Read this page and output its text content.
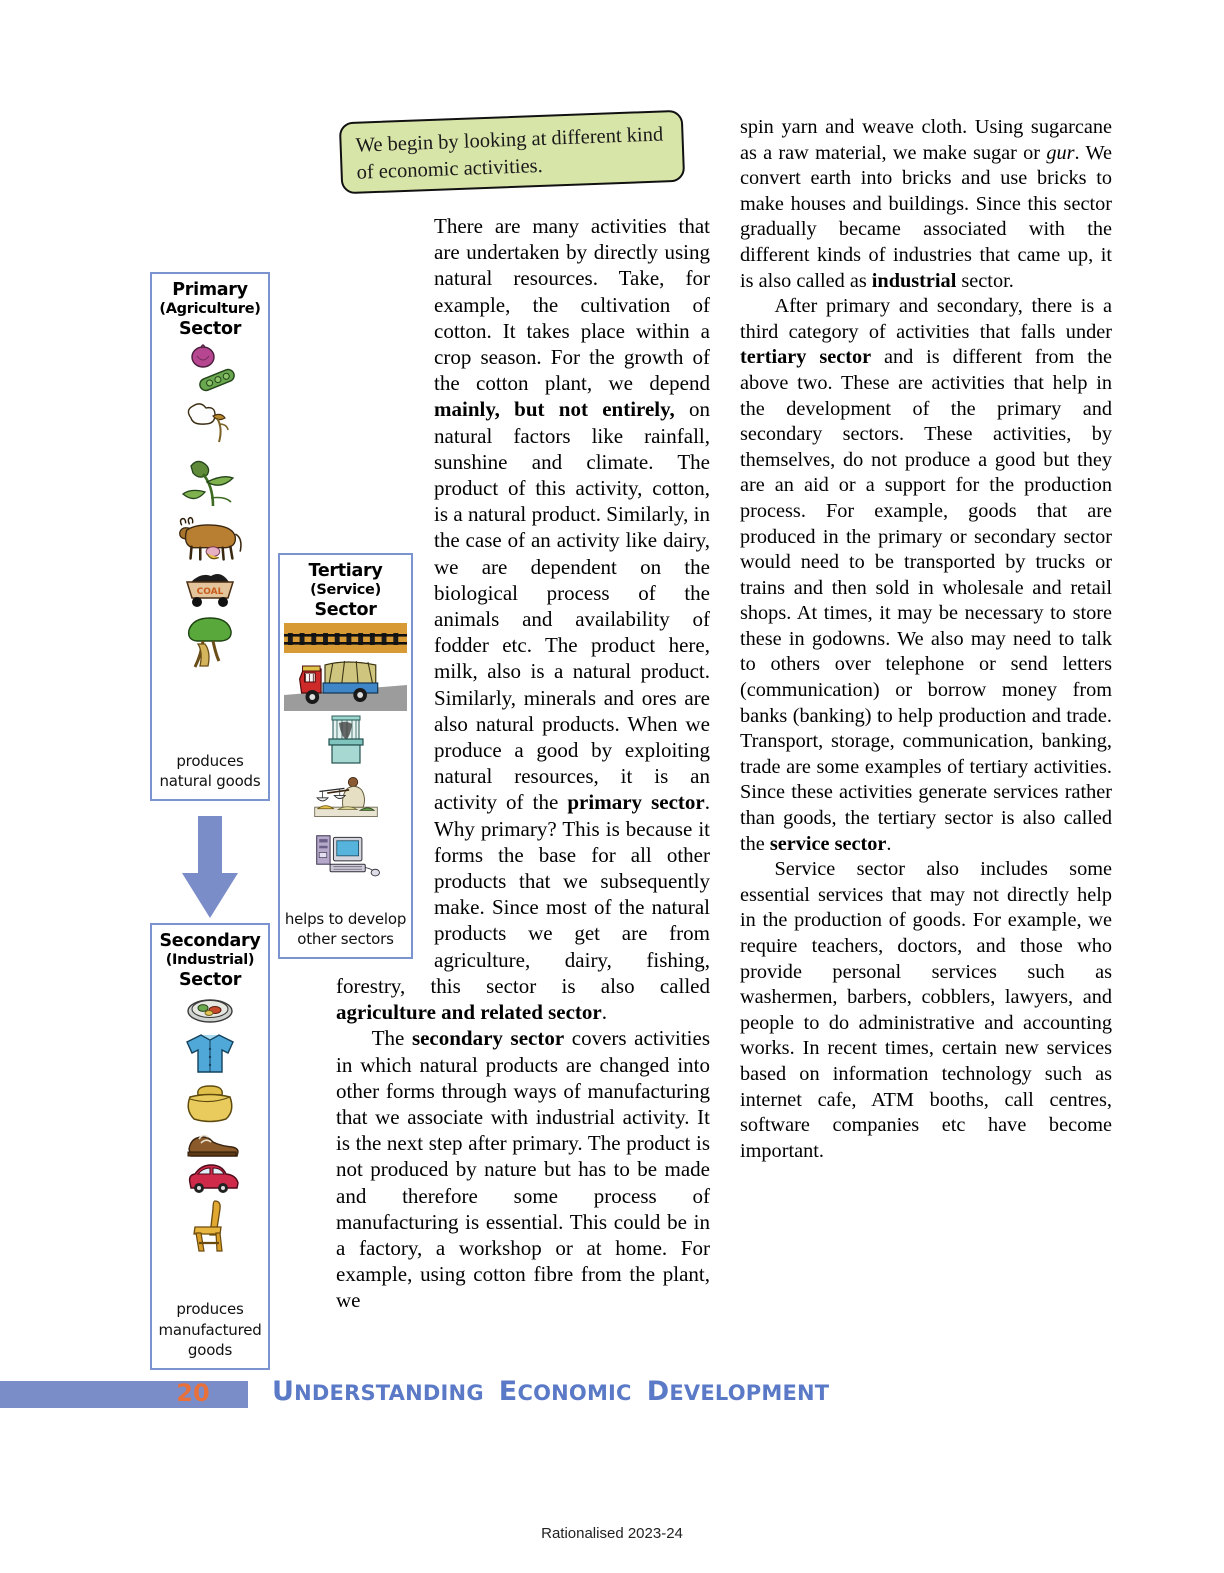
We begin by looking at different kind of economic activities.
Primary
(Agriculture)
Sector
COAL
produces natural goods
Secondary
(Industrial)
Sector
produces manufactured goods
Tertiary
(Service)
Sector
helps to develop other sectors

There are many activities that are undertaken by directly using natural resources. Take, for example, the cultivation of cotton. It takes place within a crop season. For the growth of the cotton plant, we depend mainly, but not entirely, on natural factors like rainfall, sunshine and climate. The product of this activity, cotton, is a natural product. Similarly, in the case of an activity like dairy, we are dependent on the biological process of the animals and availability of fodder etc. The product here, milk, also is a natural product. Similarly, minerals and ores are also natural products. When we produce a good by exploiting natural resources, it is an activity of the primary sector. Why primary? This is because it forms the base for all other products that we subsequently make. Since most of the natural products we get are from agriculture, dairy, fishing, forestry, this sector is also called agriculture and related sector.

The secondary sector covers activities in which natural products are changed into other forms through ways of manufacturing that we associate with industrial activity. It is the next step after primary. The product is not produced by nature but has to be made and therefore some process of manufacturing is essential. This could be in a factory, a workshop or at home. For example, using cotton fibre from the plant, we

spin yarn and weave cloth. Using sugarcane as a raw material, we make sugar or gur. We convert earth into bricks and use bricks to make houses and buildings. Since this sector gradually became associated with the different kinds of industries that came up, it is also called as industrial sector.

After primary and secondary, there is a third category of activities that falls under tertiary sector and is different from the above two. These are activities that help in the development of the primary and secondary sectors. These activities, by themselves, do not produce a good but they are an aid or a support for the production process. For example, goods that are produced in the primary or secondary sector would need to be transported by trucks or trains and then sold in wholesale and retail shops. At times, it may be necessary to store these in godowns. We also may need to talk to others over telephone or send letters (communication) or borrow money from banks (banking) to help production and trade. Transport, storage, communication, banking, trade are some examples of tertiary activities. Since these activities generate services rather than goods, the tertiary sector is also called the service sector.

Service sector also includes some essential services that may not directly help in the production of goods. For example, we require teachers, doctors, and those who provide personal services such as washermen, barbers, cobblers, lawyers, and people to do administrative and accounting works. In recent times, certain new services based on information technology such as internet cafe, ATM booths, call centres, software companies etc have become important.

20	UNDERSTANDING ECONOMIC DEVELOPMENT
Rationalised 2023-24
